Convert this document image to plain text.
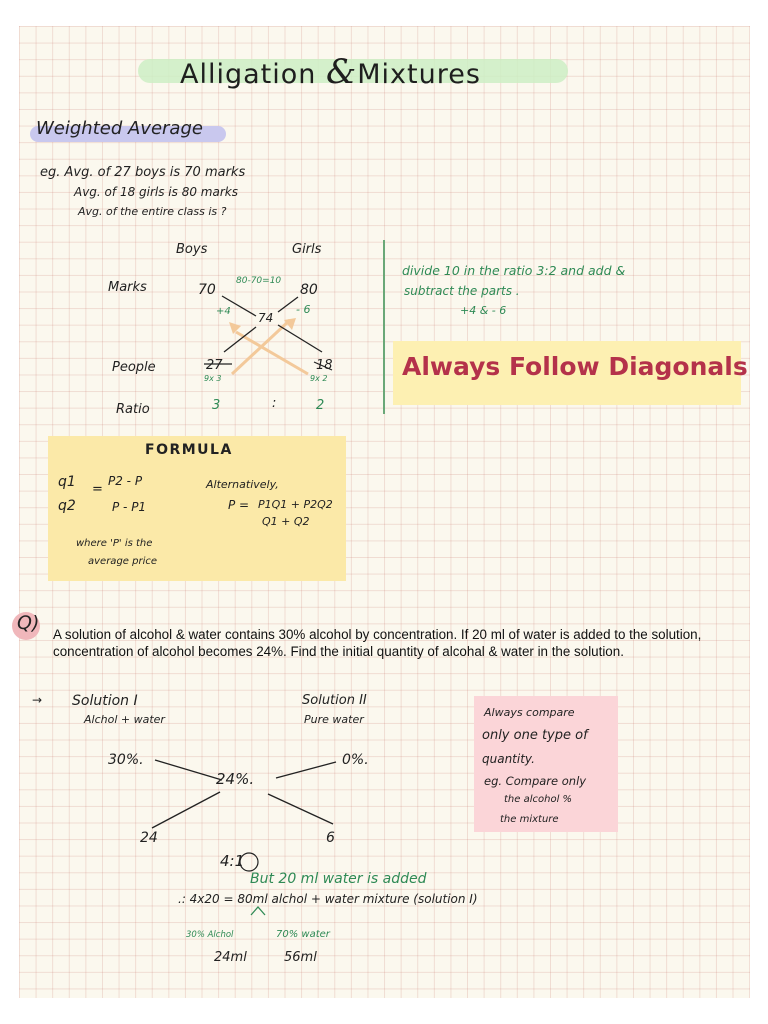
Alligation &Mixtures
Weighted Average
eg. Avg. of 27 boys is 70 marks
Avg. of 18 girls is 80 marks
Avg. of the entire class is ?
Boys	Girls
Marks
People
Ratio
70	80
80-70=10
+4	- 6
74
27	18
9x 3	9x 2
3	:	2
divide 10 in the ratio 3:2 and add &
subtract the parts .
+4 & - 6
Always Follow Diagonals
FORMULA
q1
q2
=
P2 - P
P - P1
where 'P' is the
average price
Alternatively,
P = P1Q1 + P2Q2
Q1 + Q2
Q)
A solution of alcohol & water contains 30% alcohol by concentration. If 20 ml of water is added to the solution, concentration of alcohol becomes 24%. Find the initial quantity of alcohal & water in the solution.
→ Solution I
Alchol + water
Solution II
Pure water
30%.
24%.
0%.
24	6
4:1
But 20 ml water is added
.: 4x20 = 80ml alchol + water mixture (solution I)
30% Alchol	70% water
24ml	56ml
Always compare
only one type of
quantity.
eg. Compare only
the alcohol %
the mixture
